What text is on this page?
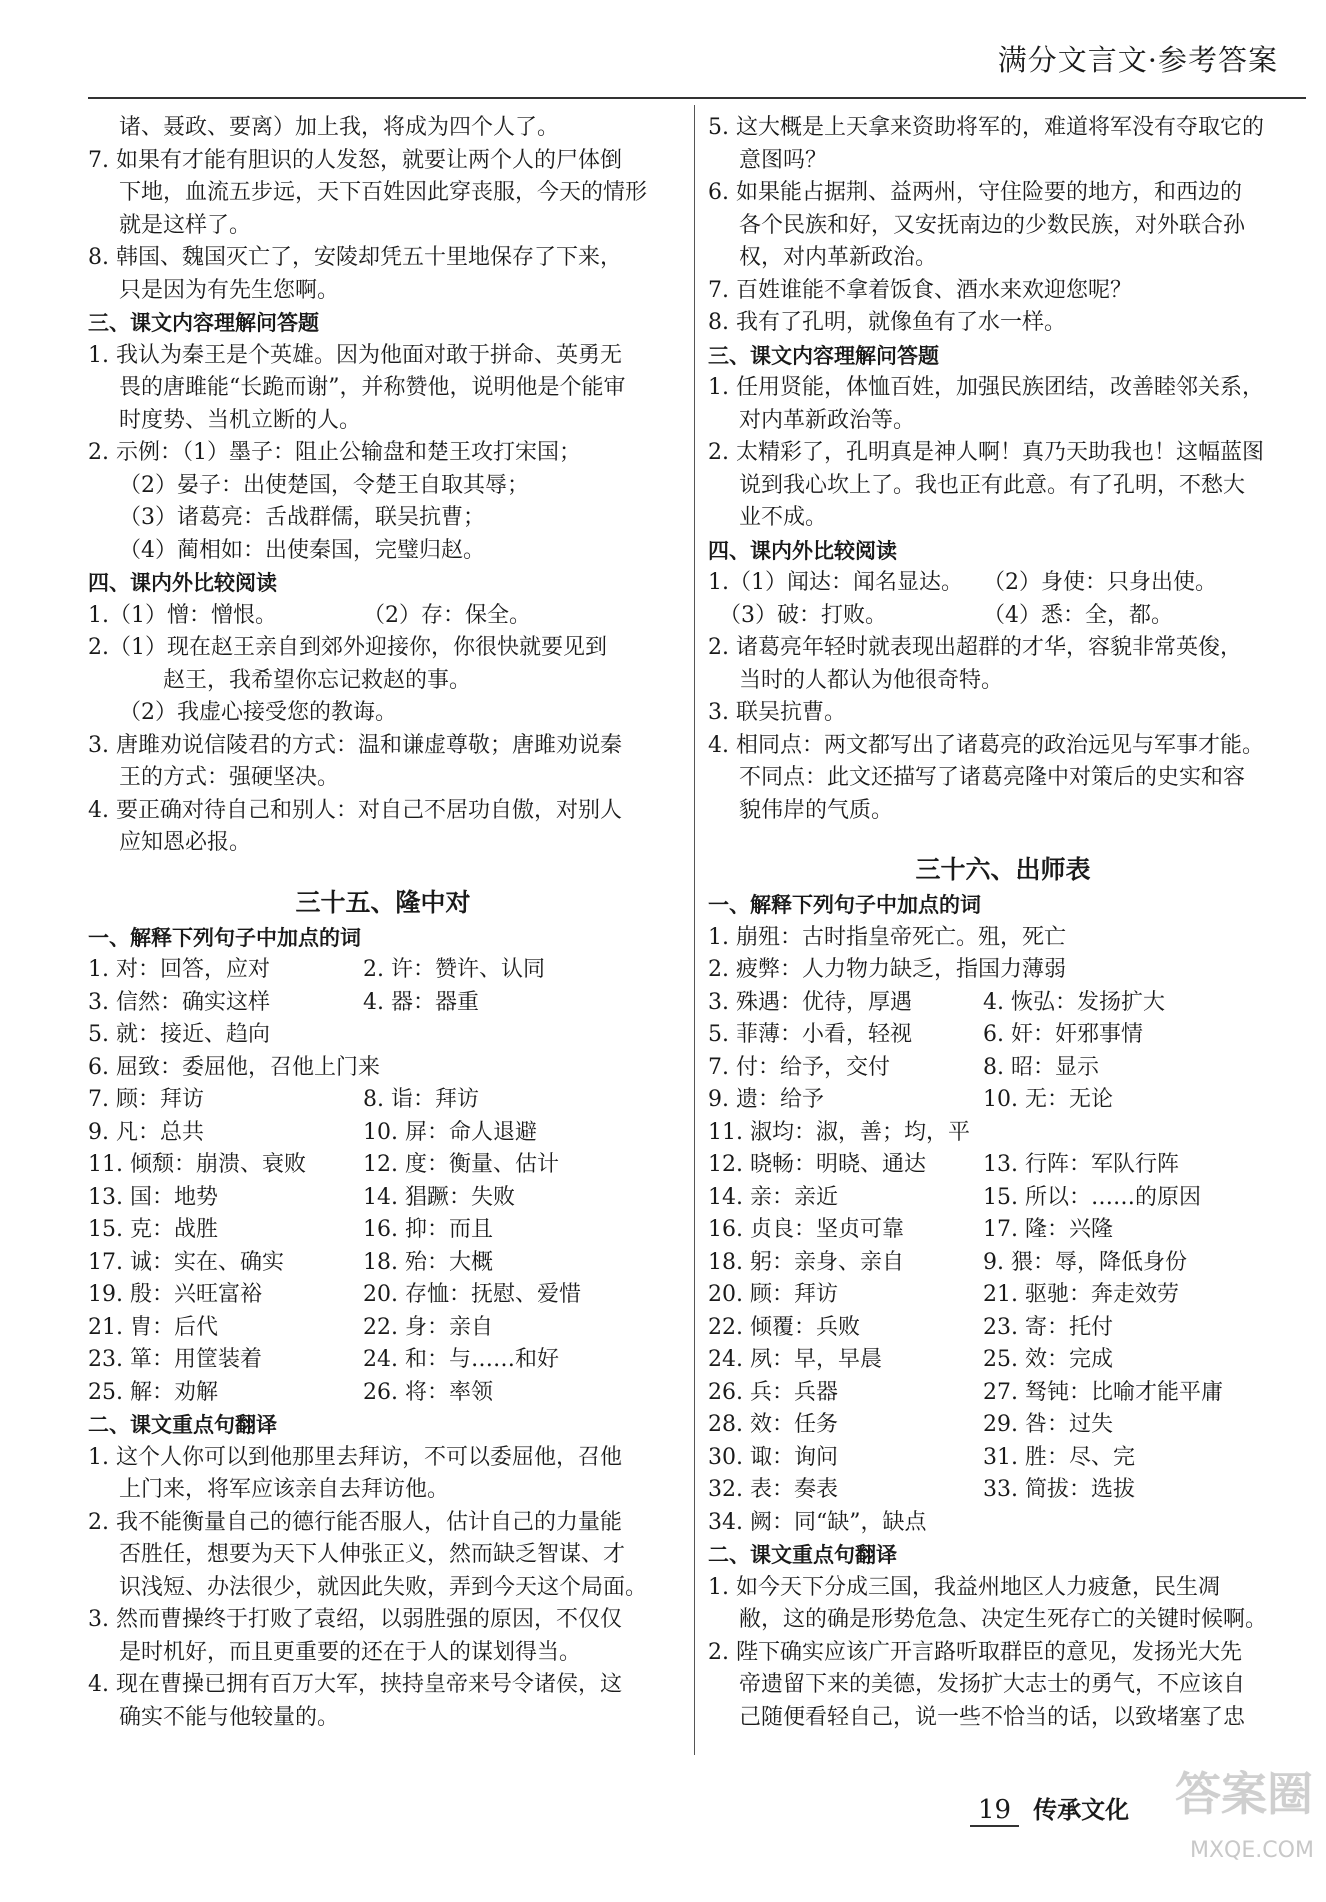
满分文言文·参考答案
诸、聂政、要离）加上我，将成为四个人了。
7. 如果有才能有胆识的人发怒，就要让两个人的尸体倒
下地，血流五步远，天下百姓因此穿丧服，今天的情形
就是这样了。
8. 韩国、魏国灭亡了，安陵却凭五十里地保存了下来，
只是因为有先生您啊。
三、课文内容理解问答题
1. 我认为秦王是个英雄。因为他面对敢于拼命、英勇无
畏的唐雎能“长跪而谢”，并称赞他，说明他是个能审
时度势、当机立断的人。
2. 示例：（1）墨子：阻止公输盘和楚王攻打宋国；
（2）晏子：出使楚国，令楚王自取其辱；
（3）诸葛亮：舌战群儒，联吴抗曹；
（4）蔺相如：出使秦国，完璧归赵。
四、课内外比较阅读
1.（1）憎：憎恨。	（2）存：保全。
2.（1）现在赵王亲自到郊外迎接你，你很快就要见到
　　赵王，我希望你忘记救赵的事。
（2）我虚心接受您的教诲。
3. 唐雎劝说信陵君的方式：温和谦虚尊敬；唐雎劝说秦
王的方式：强硬坚决。
4. 要正确对待自己和别人：对自己不居功自傲，对别人
应知恩必报。
三十五、隆中对
一、解释下列句子中加点的词
1. 对：回答，应对	2. 许：赞许、认同
3. 信然：确实这样	4. 器：器重
5. 就：接近、趋向
6. 屈致：委屈他，召他上门来
7. 顾：拜访	8. 诣：拜访
9. 凡：总共	10. 屏：命人退避
11. 倾颓：崩溃、衰败	12. 度：衡量、估计
13. 国：地势	14. 猖蹶：失败
15. 克：战胜	16. 抑：而且
17. 诚：实在、确实	18. 殆：大概
19. 殷：兴旺富裕	20. 存恤：抚慰、爱惜
21. 胄：后代	22. 身：亲自
23. 箪：用筐装着	24. 和：与……和好
25. 解：劝解	26. 将：率领
二、课文重点句翻译
1. 这个人你可以到他那里去拜访，不可以委屈他，召他
上门来，将军应该亲自去拜访他。
2. 我不能衡量自己的德行能否服人，估计自己的力量能
否胜任，想要为天下人伸张正义，然而缺乏智谋、才
识浅短、办法很少，就因此失败，弄到今天这个局面。
3. 然而曹操终于打败了袁绍，以弱胜强的原因，不仅仅
是时机好，而且更重要的还在于人的谋划得当。
4. 现在曹操已拥有百万大军，挟持皇帝来号令诸侯，这
确实不能与他较量的。
5. 这大概是上天拿来资助将军的，难道将军没有夺取它的
意图吗？
6. 如果能占据荆、益两州，守住险要的地方，和西边的
各个民族和好，又安抚南边的少数民族，对外联合孙
权，对内革新政治。
7. 百姓谁能不拿着饭食、酒水来欢迎您呢？
8. 我有了孔明，就像鱼有了水一样。
三、课文内容理解问答题
1. 任用贤能，体恤百姓，加强民族团结，改善睦邻关系，
对内革新政治等。
2. 太精彩了，孔明真是神人啊！真乃天助我也！这幅蓝图
说到我心坎上了。我也正有此意。有了孔明，不愁大
业不成。
四、课内外比较阅读
1.（1）闻达：闻名显达。 （2）身使：只身出使。
　（3）破：打败。	（4）悉：全，都。
2. 诸葛亮年轻时就表现出超群的才华，容貌非常英俊，
当时的人都认为他很奇特。
3. 联吴抗曹。
4. 相同点：两文都写出了诸葛亮的政治远见与军事才能。
不同点：此文还描写了诸葛亮隆中对策后的史实和容
貌伟岸的气质。
三十六、出师表
一、解释下列句子中加点的词
1. 崩殂：古时指皇帝死亡。殂，死亡
2. 疲弊：人力物力缺乏，指国力薄弱
3. 殊遇：优待，厚遇	4. 恢弘：发扬扩大
5. 菲薄：小看，轻视	6. 奸：奸邪事情
7. 付：给予，交付	8. 昭：显示
9. 遗：给予	10. 无：无论
11. 淑均：淑，善；均，平
12. 晓畅：明晓、通达	13. 行阵：军队行阵
14. 亲：亲近	15. 所以：……的原因
16. 贞良：坚贞可靠	17. 隆：兴隆
18. 躬：亲身、亲自	9. 猥：辱，降低身份
20. 顾：拜访	21. 驱驰：奔走效劳
22. 倾覆：兵败	23. 寄：托付
24. 夙：早，早晨	25. 效：完成
26. 兵：兵器	27. 驽钝：比喻才能平庸
28. 效：任务	29. 咎：过失
30. 诹：询问	31. 胜：尽、完
32. 表：奏表	33. 简拔：选拔
34. 阙：同“缺”，缺点
二、课文重点句翻译
1. 如今天下分成三国，我益州地区人力疲惫，民生凋
敝，这的确是形势危急、决定生死存亡的关键时候啊。
2. 陛下确实应该广开言路听取群臣的意见，发扬光大先
帝遗留下来的美德，发扬扩大志士的勇气，不应该自
己随便看轻自己，说一些不恰当的话，以致堵塞了忠
19 传承文化 答案圈
MXQE.COM
